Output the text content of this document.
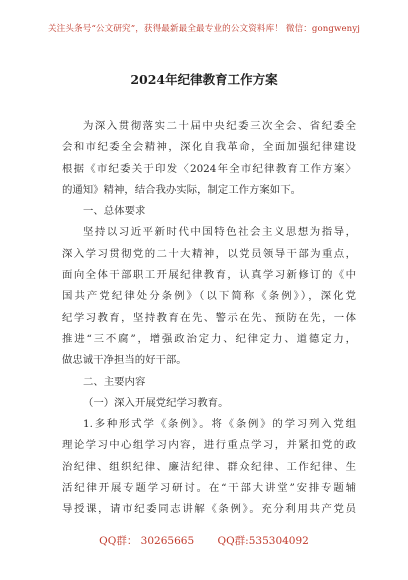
关注头条号“公文研究”，获得最新最全最专业的公文资料库！ 微信：gongwenyj
2024年纪律教育工作方案
为深入贯彻落实二十届中央纪委三次全会、省纪委全
会和市纪委全会精神，深化自我革命，全面加强纪律建设
根据《市纪委关于印发〈2024年全市纪律教育工作方案〉
的通知》精神，结合我办实际，制定工作方案如下。
一、总体要求
坚持以习近平新时代中国特色社会主义思想为指导，
深入学习贯彻党的二十大精神，以党员领导干部为重点，
面向全体干部职工开展纪律教育，认真学习新修订的《中
国共产党纪律处分条例》（以下简称《条例》），深化党
纪学习教育，坚持教育在先、警示在先、预防在先，一体
推进“三不腐”，增强政治定力、纪律定力、道德定力，
做忠诚干净担当的好干部。
二、主要内容
（一）深入开展党纪学习教育。
1.多种形式学《条例》。将《条例》的学习列入党组
理论学习中心组学习内容，进行重点学习，并紧扣党的政
治纪律、组织纪律、廉洁纪律、群众纪律、工作纪律、生
活纪律开展专题学习研讨。在“干部大讲堂”安排专题辅
导授课，请市纪委同志讲解《条例》。充分利用共产党员
QQ群： 30265665 QQ群:535304092
